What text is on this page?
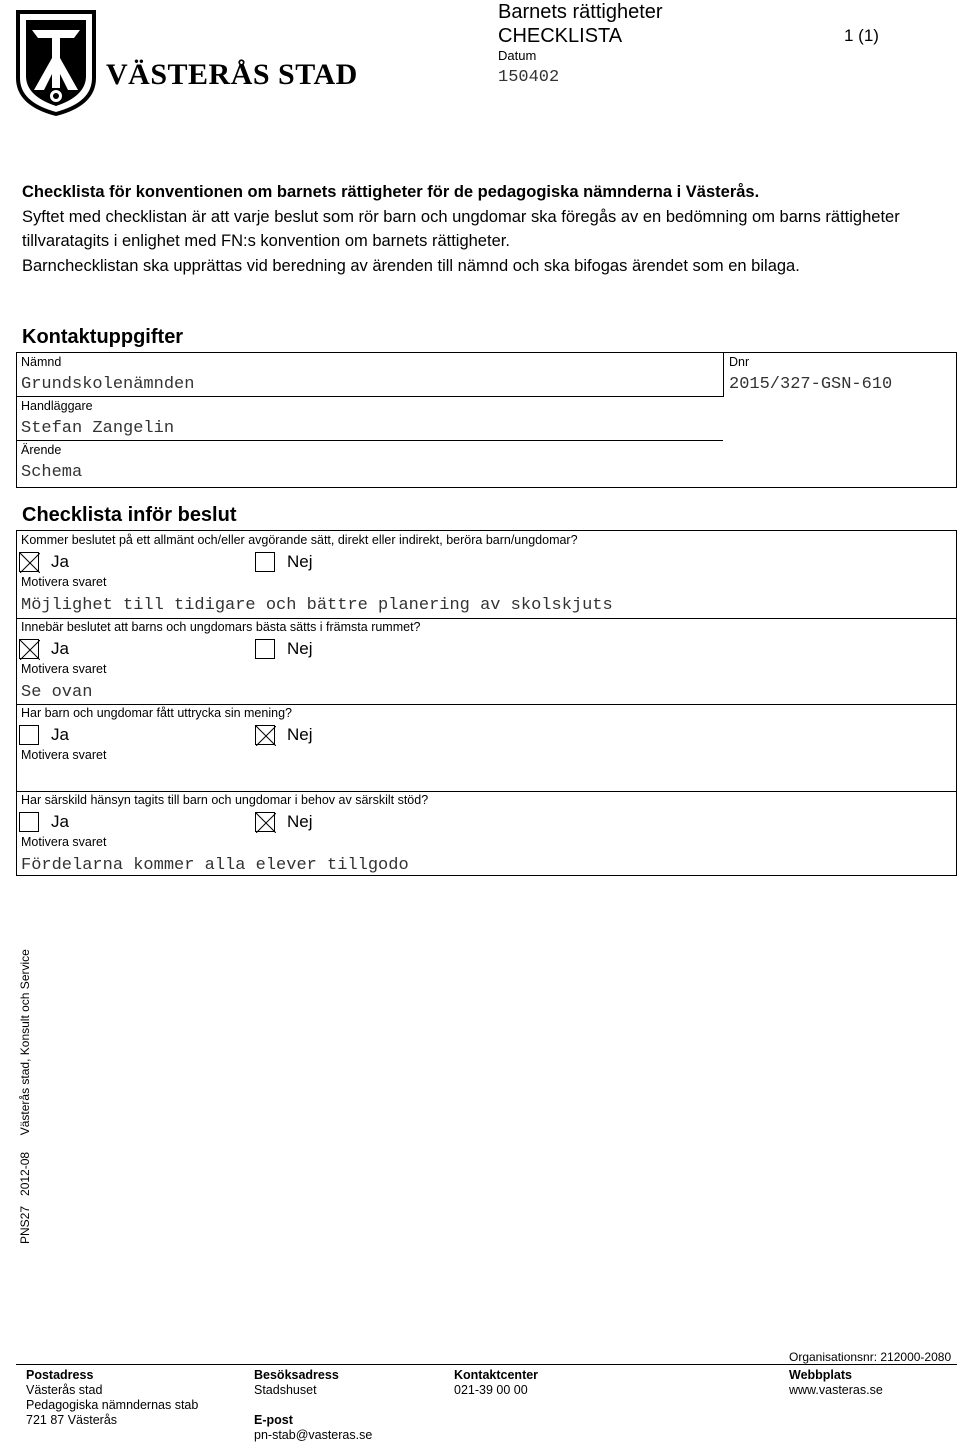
VÄSTERÅS STAD
Barnets rättigheter
CHECKLISTA	1 (1)
Datum
150402
Checklista för konventionen om barnets rättigheter för de pedagogiska nämnderna i Västerås.
Syftet med checklistan är att varje beslut som rör barn och ungdomar ska föregås av en bedömning om barns rättigheter tillvaratagits i enlighet med FN:s konvention om barnets rättigheter.
Barnchecklistan ska upprättas vid beredning av ärenden till nämnd och ska bifogas ärendet som en bilaga.
Kontaktuppgifter
Nämnd
Grundskolenämnden
Dnr
2015/327-GSN-610
Handläggare
Stefan Zangelin
Ärende
Schema
Checklista inför beslut
Kommer beslutet på ett allmänt och/eller avgörande sätt, direkt eller indirekt, beröra barn/ungdomar?
Ja	Nej
Motivera svaret
Möjlighet till tidigare och bättre planering av skolskjuts
Innebär beslutet att barns och ungdomars bästa sätts i främsta rummet?
Ja	Nej
Motivera svaret
Se ovan
Har barn och ungdomar fått uttrycka sin mening?
Ja	Nej
Motivera svaret
Har särskild hänsyn tagits till barn och ungdomar i behov av särskilt stöd?
Ja	Nej
Motivera svaret
Fördelarna kommer alla elever tillgodo
PNS27   2012-08     Västerås stad, Konsult och Service
Organisationsnr: 212000-2080
Postadress
Västerås stad
Pedagogiska nämndernas stab
721 87 Västerås
Besöksadress
Stadshuset
E-post
pn-stab@vasteras.se
Kontaktcenter
021-39 00 00
Webbplats
www.vasteras.se
